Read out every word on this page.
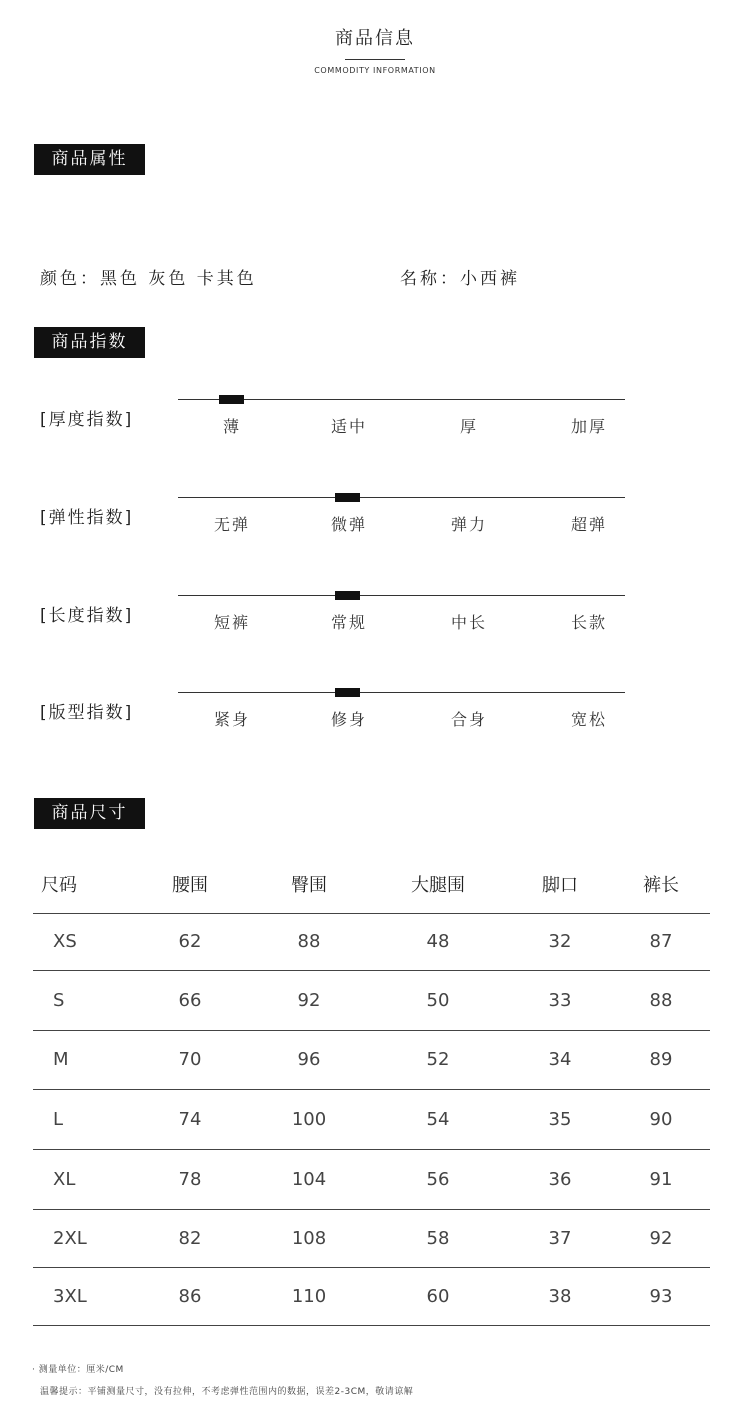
商品信息
COMMODITY INFORMATION
商品属性
颜色：黑色 灰色 卡其色	名称：小西裤
商品指数
[厚度指数]	薄	适中	厚	加厚
[弹性指数]	无弹	微弹	弹力	超弹
[长度指数]	短裤	常规	中长	长款
[版型指数]	紧身	修身	合身	宽松
商品尺寸
尺码	腰围	臀围	大腿围	脚口	裤长
XS	62	88	48	32	87
S	66	92	50	33	88
M	70	96	52	34	89
L	74	100	54	35	90
XL	78	104	56	36	91
2XL	82	108	58	37	92
3XL	86	110	60	38	93
· 测量单位：厘米/CM
温馨提示：平铺测量尺寸，没有拉伸，不考虑弹性范围内的数据，误差2-3CM，敬请谅解
